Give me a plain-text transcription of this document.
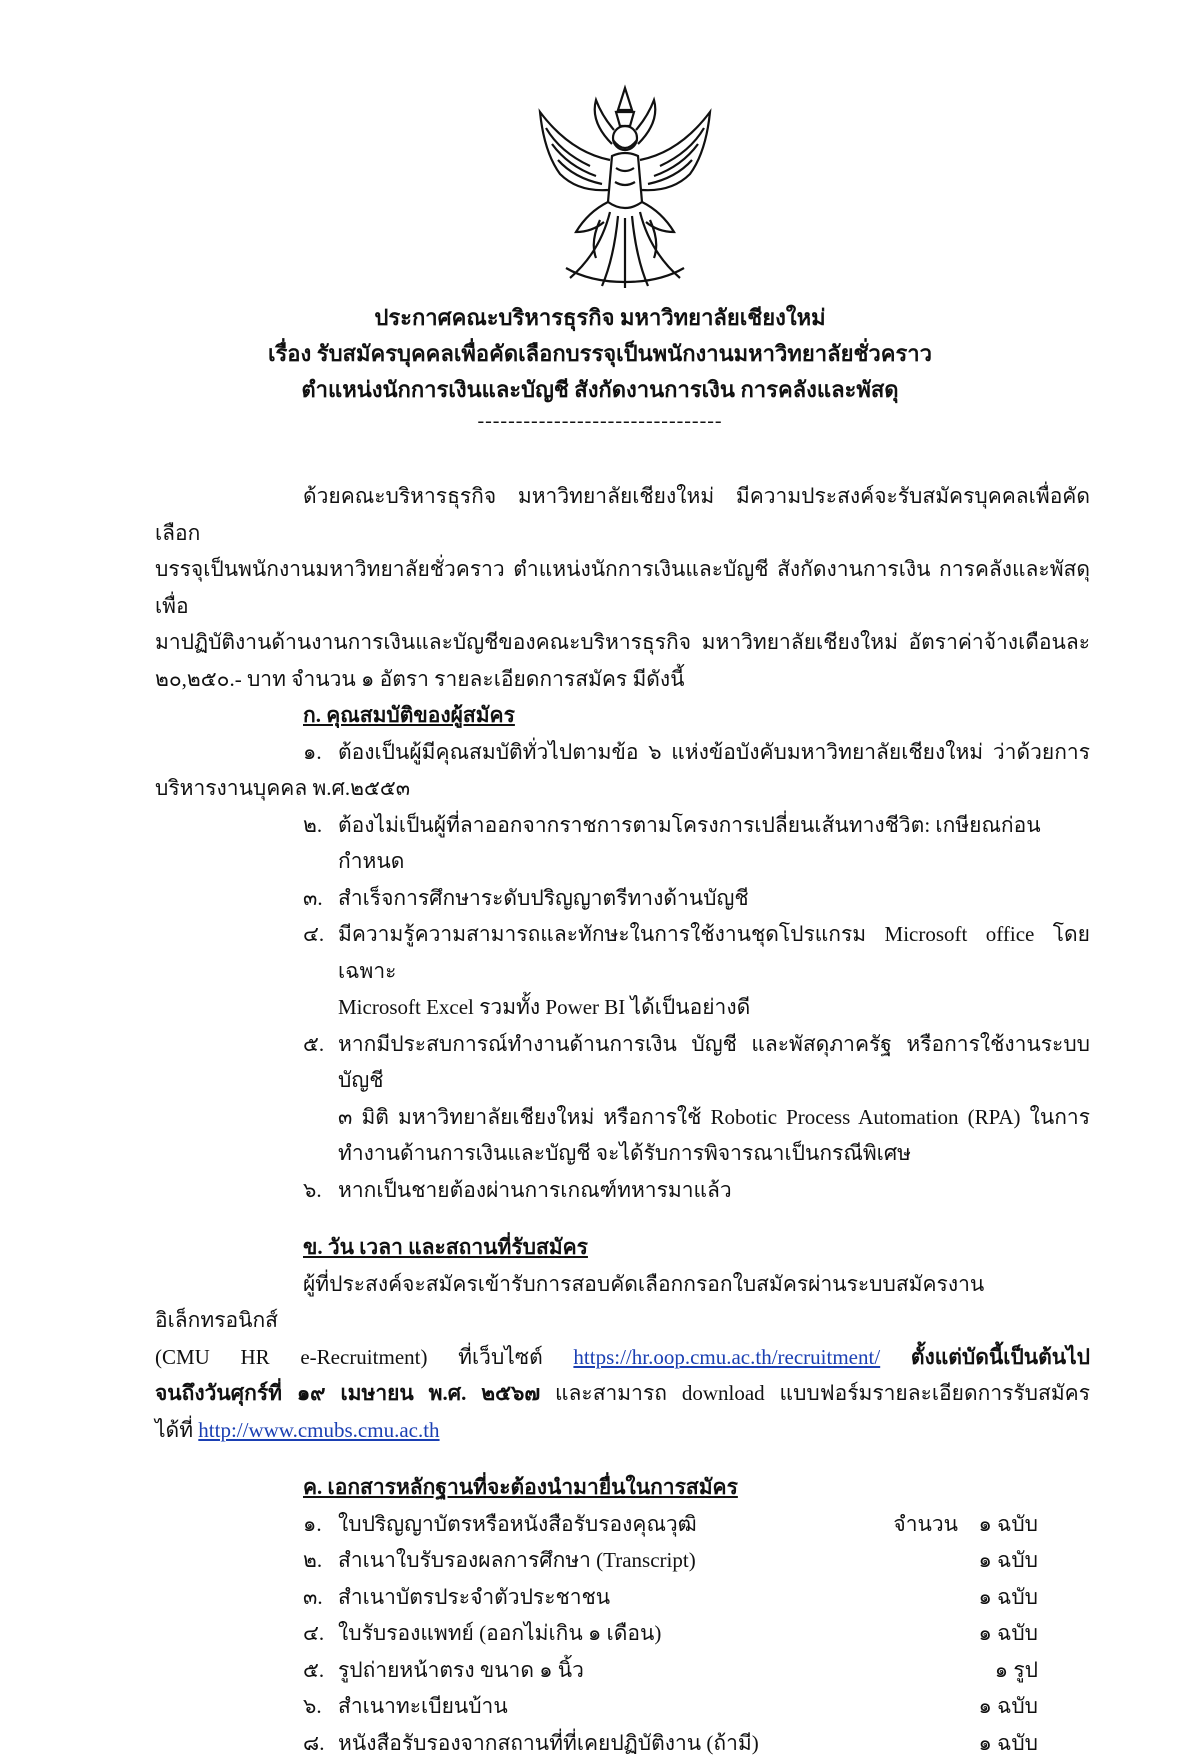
ประกาศคณะบริหารธุรกิจ มหาวิทยาลัยเชียงใหม่
เรื่อง รับสมัครบุคคลเพื่อคัดเลือกบรรจุเป็นพนักงานมหาวิทยาลัยชั่วคราว
ตำแหน่งนักการเงินและบัญชี สังกัดงานการเงิน การคลังและพัสดุ
--------------------------------
ด้วยคณะบริหารธุรกิจ มหาวิทยาลัยเชียงใหม่ มีความประสงค์จะรับสมัครบุคคลเพื่อคัดเลือก
บรรจุเป็นพนักงานมหาวิทยาลัยชั่วคราว ตำแหน่งนักการเงินและบัญชี สังกัดงานการเงิน การคลังและพัสดุ เพื่อ
มาปฏิบัติงานด้านงานการเงินและบัญชีของคณะบริหารธุรกิจ มหาวิทยาลัยเชียงใหม่ อัตราค่าจ้างเดือนละ
๒๐,๒๕๐.- บาท จำนวน ๑ อัตรา รายละเอียดการสมัคร มีดังนี้
ก. คุณสมบัติของผู้สมัคร
๑. ต้องเป็นผู้มีคุณสมบัติทั่วไปตามข้อ ๖ แห่งข้อบังคับมหาวิทยาลัยเชียงใหม่ ว่าด้วยการ
บริหารงานบุคคล พ.ศ.๒๕๕๓
๒. ต้องไม่เป็นผู้ที่ลาออกจากราชการตามโครงการเปลี่ยนเส้นทางชีวิต: เกษียณก่อนกำหนด
๓. สำเร็จการศึกษาระดับปริญญาตรีทางด้านบัญชี
๔. มีความรู้ความสามารถและทักษะในการใช้งานชุดโปรแกรม Microsoft office โดยเฉพาะ
Microsoft Excel รวมทั้ง Power BI ได้เป็นอย่างดี
๕. หากมีประสบการณ์ทำงานด้านการเงิน บัญชี และพัสดุภาครัฐ หรือการใช้งานระบบบัญชี
๓ มิติ มหาวิทยาลัยเชียงใหม่ หรือการใช้ Robotic Process Automation (RPA) ในการ
ทำงานด้านการเงินและบัญชี จะได้รับการพิจารณาเป็นกรณีพิเศษ
๖. หากเป็นชายต้องผ่านการเกณฑ์ทหารมาแล้ว
ข. วัน เวลา และสถานที่รับสมัคร
ผู้ที่ประสงค์จะสมัครเข้ารับการสอบคัดเลือกกรอกใบสมัครผ่านระบบสมัครงานอิเล็กทรอนิกส์
(CMU HR e-Recruitment) ที่เว็บไซต์ https://hr.oop.cmu.ac.th/recruitment/ ตั้งแต่บัดนี้เป็นต้นไป
จนถึงวันศุกร์ที่ ๑๙ เมษายน พ.ศ. ๒๕๖๗ และสามารถ download แบบฟอร์มรายละเอียดการรับสมัคร
ได้ที่ http://www.cmubs.cmu.ac.th
ค. เอกสารหลักฐานที่จะต้องนำมายื่นในการสมัคร
๑. ใบปริญญาบัตรหรือหนังสือรับรองคุณวุฒิ	จำนวน ๑ ฉบับ
๒. สำเนาใบรับรองผลการศึกษา (Transcript)	๑ ฉบับ
๓. สำเนาบัตรประจำตัวประชาชน	๑ ฉบับ
๔. ใบรับรองแพทย์ (ออกไม่เกิน ๑ เดือน)	๑ ฉบับ
๕. รูปถ่ายหน้าตรง ขนาด ๑ นิ้ว	๑ รูป
๖. สำเนาทะเบียนบ้าน	๑ ฉบับ
๘. หนังสือรับรองจากสถานที่ที่เคยปฏิบัติงาน (ถ้ามี)	๑ ฉบับ
